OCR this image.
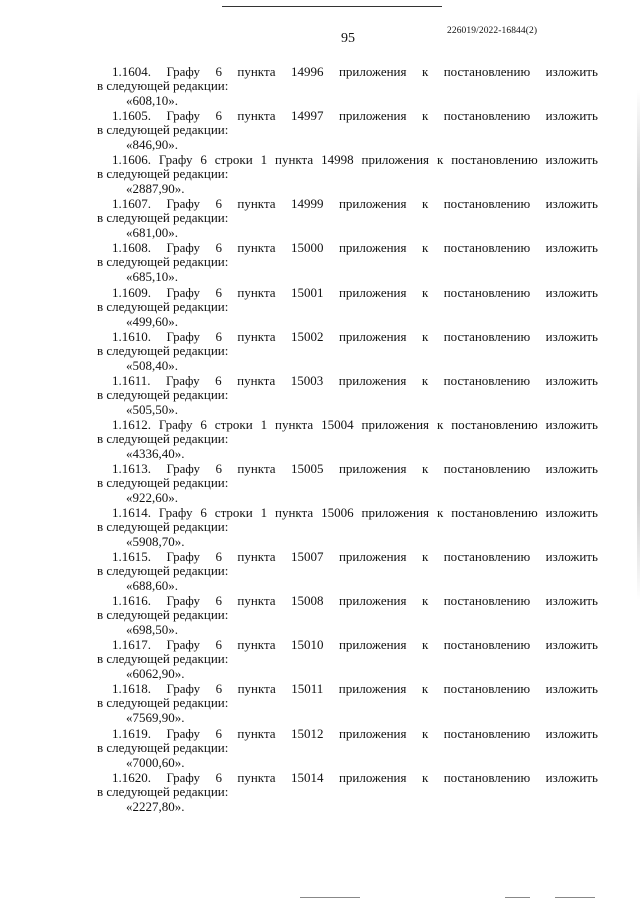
95	226019/2022-16844(2)
1.1604. Графу 6 пункта 14996 приложения к постановлению изложить
в следующей редакции:
«608,10».
1.1605. Графу 6 пункта 14997 приложения к постановлению изложить
в следующей редакции:
«846,90».
1.1606. Графу 6 строки 1 пункта 14998 приложения к постановлению изложить
в следующей редакции:
«2887,90».
1.1607. Графу 6 пункта 14999 приложения к постановлению изложить
в следующей редакции:
«681,00».
1.1608. Графу 6 пункта 15000 приложения к постановлению изложить
в следующей редакции:
«685,10».
1.1609. Графу 6 пункта 15001 приложения к постановлению изложить
в следующей редакции:
«499,60».
1.1610. Графу 6 пункта 15002 приложения к постановлению изложить
в следующей редакции:
«508,40».
1.1611. Графу 6 пункта 15003 приложения к постановлению изложить
в следующей редакции:
«505,50».
1.1612. Графу 6 строки 1 пункта 15004 приложения к постановлению изложить
в следующей редакции:
«4336,40».
1.1613. Графу 6 пункта 15005 приложения к постановлению изложить
в следующей редакции:
«922,60».
1.1614. Графу 6 строки 1 пункта 15006 приложения к постановлению изложить
в следующей редакции:
«5908,70».
1.1615. Графу 6 пункта 15007 приложения к постановлению изложить
в следующей редакции:
«688,60».
1.1616. Графу 6 пункта 15008 приложения к постановлению изложить
в следующей редакции:
«698,50».
1.1617. Графу 6 пункта 15010 приложения к постановлению изложить
в следующей редакции:
«6062,90».
1.1618. Графу 6 пункта 15011 приложения к постановлению изложить
в следующей редакции:
«7569,90».
1.1619. Графу 6 пункта 15012 приложения к постановлению изложить
в следующей редакции:
«7000,60».
1.1620. Графу 6 пункта 15014 приложения к постановлению изложить
в следующей редакции:
«2227,80».
